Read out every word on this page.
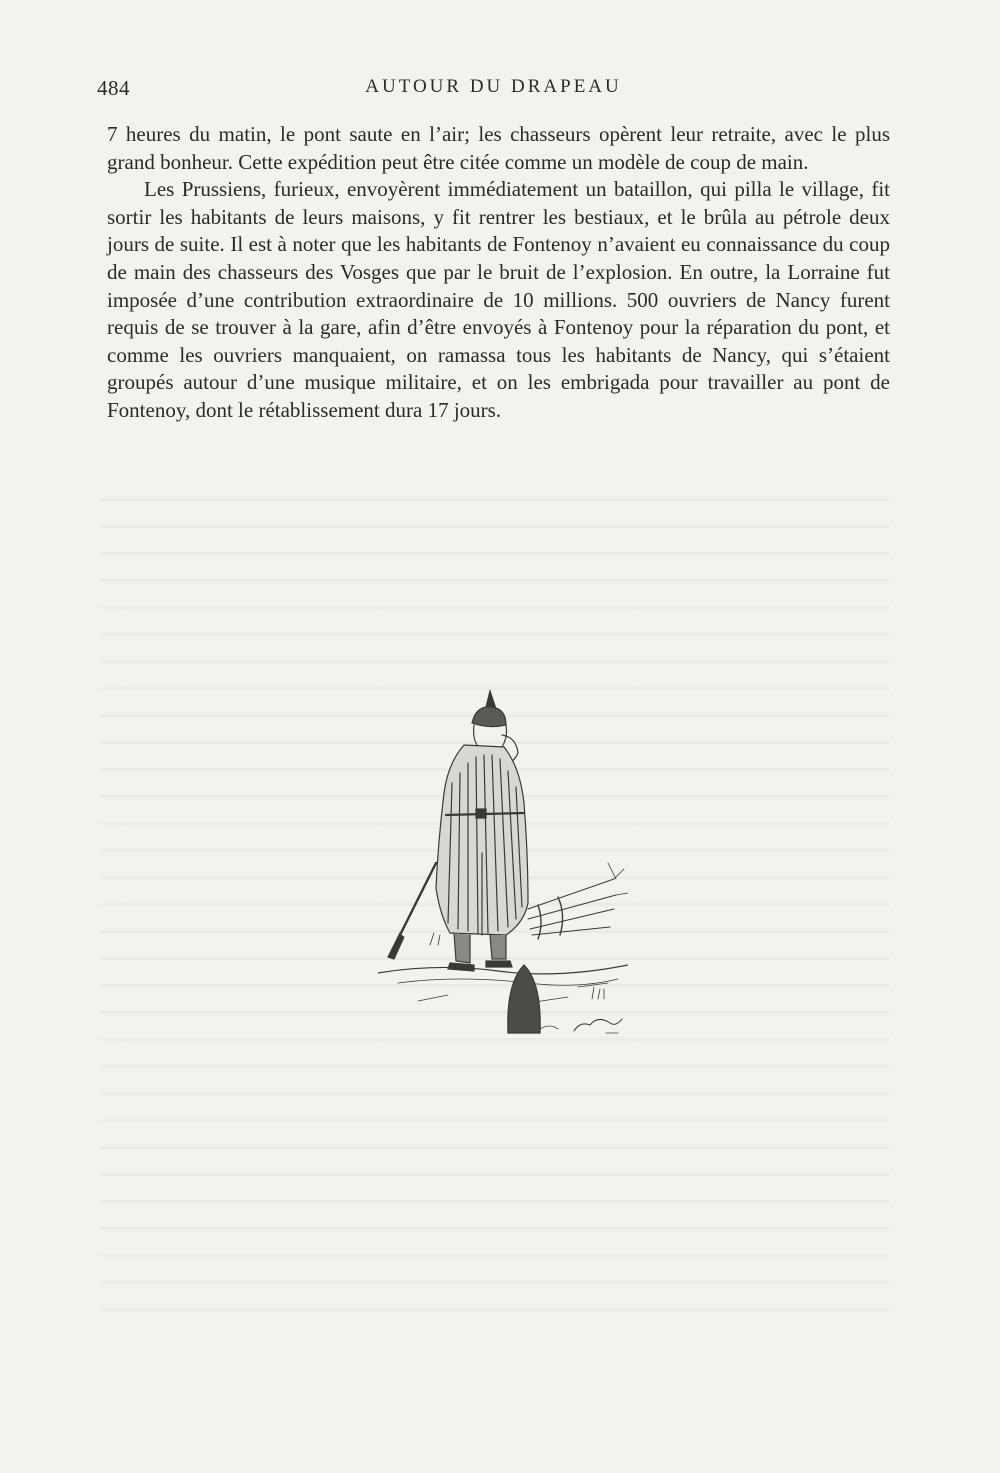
484	AUTOUR DU DRAPEAU

7 heures du matin, le pont saute en l’air; les chasseurs opèrent leur retraite, avec le plus grand bonheur. Cette expédition peut être citée comme un modèle de coup de main.

Les Prussiens, furieux, envoyèrent immédiatement un bataillon, qui pilla le village, fit sortir les habitants de leurs maisons, y fit rentrer les bestiaux, et le brûla au pétrole deux jours de suite. Il est à noter que les habitants de Fontenoy n’avaient eu connaissance du coup de main des chasseurs des Vosges que par le bruit de l’explosion. En outre, la Lorraine fut imposée d’une contribution extraordinaire de 10 millions. 500 ouvriers de Nancy furent requis de se trouver à la gare, afin d’être envoyés à Fontenoy pour la réparation du pont, et comme les ouvriers manquaient, on ramassa tous les habitants de Nancy, qui s’étaient groupés autour d’une musique militaire, et on les embrigada pour travailler au pont de Fontenoy, dont le rétablissement dura 17 jours.
